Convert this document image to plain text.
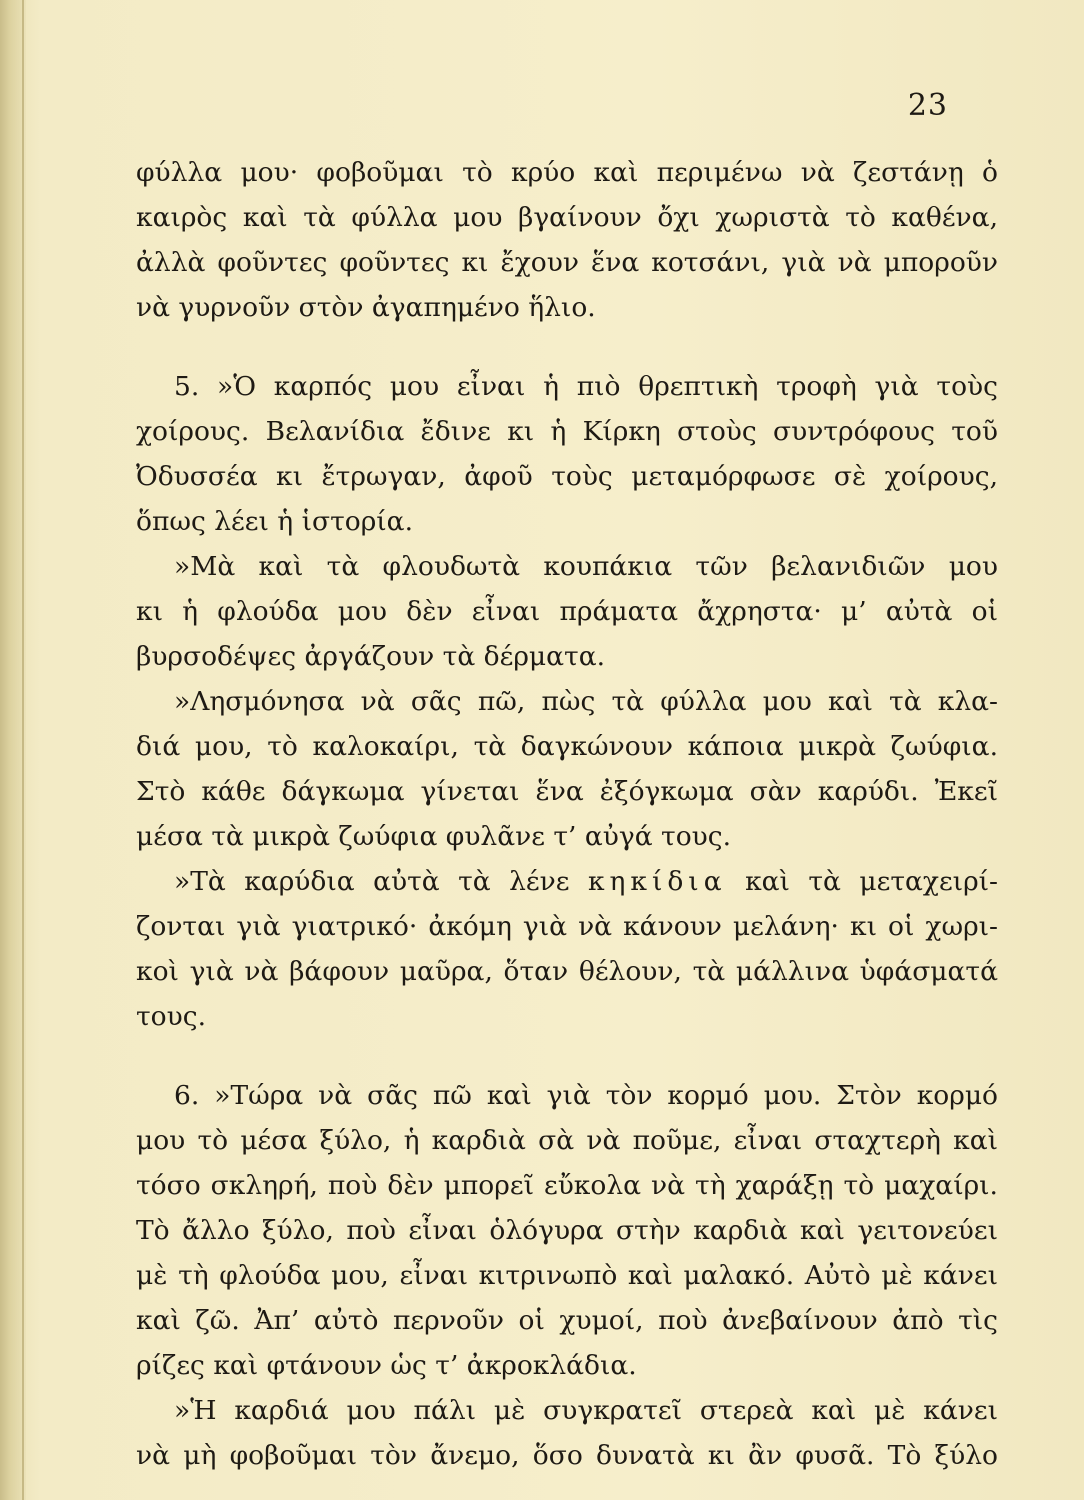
23
φύλλα μου· φοβοῦμαι τὸ κρύο καὶ περιμένω νὰ ζεστάνῃ ὁ
καιρὸς καὶ τὰ φύλλα μου βγαίνουν ὄχι χωριστὰ τὸ καθένα,
ἀλλὰ φοῦντες φοῦντες κι ἔχουν ἕνα κοτσάνι, γιὰ νὰ μποροῦν
νὰ γυρνοῦν στὸν ἀγαπημένο ἥλιο.
5. »Ὁ καρπός μου εἶναι ἡ πιὸ θρεπτικὴ τροφὴ γιὰ τοὺς
χοίρους. Βελανίδια ἔδινε κι ἡ Κίρκη στοὺς συντρόφους τοῦ
Ὀδυσσέα κι ἔτρωγαν, ἀφοῦ τοὺς μεταμόρφωσε σὲ χοίρους,
ὅπως λέει ἡ ἱστορία.
»Μὰ καὶ τὰ φλουδωτὰ κουπάκια τῶν βελανιδιῶν μου
κι ἡ φλούδα μου δὲν εἶναι πράματα ἄχρηστα· μ’ αὐτὰ οἱ
βυρσοδέψες ἀργάζουν τὰ δέρματα.
»Λησμόνησα νὰ σᾶς πῶ, πὼς τὰ φύλλα μου καὶ τὰ κλα-
διά μου, τὸ καλοκαίρι, τὰ δαγκώνουν κάποια μικρὰ ζωύφια.
Στὸ κάθε δάγκωμα γίνεται ἕνα ἐξόγκωμα σὰν καρύδι. Ἐκεῖ
μέσα τὰ μικρὰ ζωύφια φυλᾶνε τ’ αὐγά τους.
»Τὰ καρύδια αὐτὰ τὰ λένε κηκίδια καὶ τὰ μεταχειρί-
ζονται γιὰ γιατρικό· ἀκόμη γιὰ νὰ κάνουν μελάνη· κι οἱ χωρι-
κοὶ γιὰ νὰ βάφουν μαῦρα, ὅταν θέλουν, τὰ μάλλινα ὑφάσματά
τους.
6. »Τώρα νὰ σᾶς πῶ καὶ γιὰ τὸν κορμό μου. Στὸν κορμό
μου τὸ μέσα ξύλο, ἡ καρδιὰ σὰ νὰ ποῦμε, εἶναι σταχτερὴ καὶ
τόσο σκληρή, ποὺ δὲν μπορεῖ εὔκολα νὰ τὴ χαράξῃ τὸ μαχαίρι.
Τὸ ἄλλο ξύλο, ποὺ εἶναι ὁλόγυρα στὴν καρδιὰ καὶ γειτονεύει
μὲ τὴ φλούδα μου, εἶναι κιτρινωπὸ καὶ μαλακό. Αὐτὸ μὲ κάνει
καὶ ζῶ. Ἀπ’ αὐτὸ περνοῦν οἱ χυμοί, ποὺ ἀνεβαίνουν ἀπὸ τὶς
ρίζες καὶ φτάνουν ὡς τ’ ἀκροκλάδια.
»Ἡ καρδιά μου πάλι μὲ συγκρατεῖ στερεὰ καὶ μὲ κάνει
νὰ μὴ φοβοῦμαι τὸν ἄνεμο, ὅσο δυνατὰ κι ἂν φυσᾶ. Τὸ ξύλο
